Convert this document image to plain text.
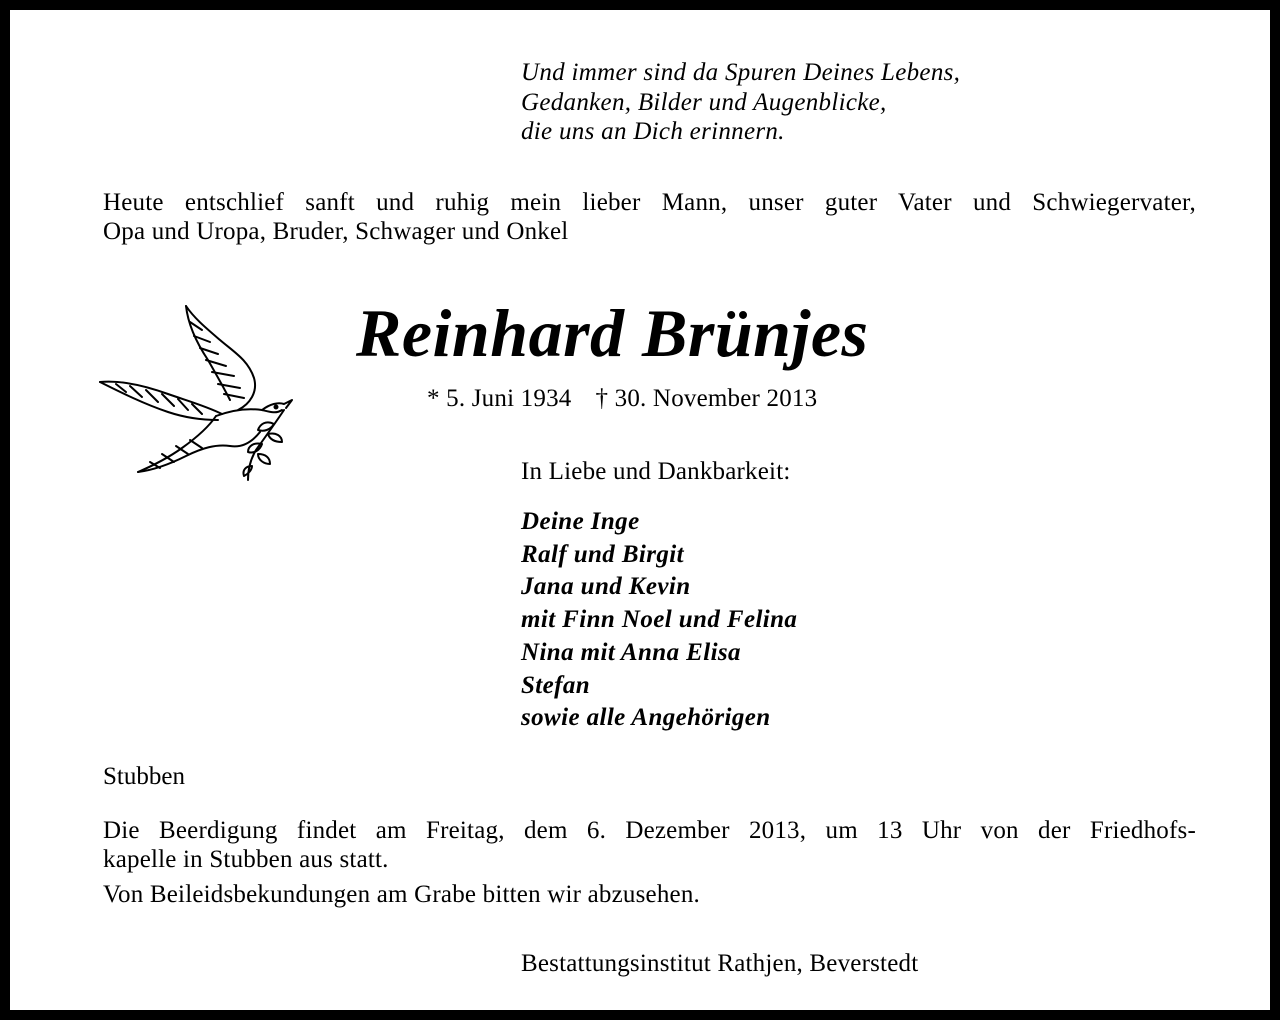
Und immer sind da Spuren Deines Lebens,
Gedanken, Bilder und Augenblicke,
die uns an Dich erinnern.
Heute entschlief sanft und ruhig mein lieber Mann, unser guter Vater und Schwiegervater,
Opa und Uropa, Bruder, Schwager und Onkel
Reinhard Brünjes
* 5. Juni 1934 † 30. November 2013
In Liebe und Dankbarkeit:
Deine Inge
Ralf und Birgit
Jana und Kevin
mit Finn Noel und Felina
Nina mit Anna Elisa
Stefan
sowie alle Angehörigen
Stubben
Die Beerdigung findet am Freitag, dem 6. Dezember 2013, um 13 Uhr von der Friedhofs-
kapelle in Stubben aus statt.
Von Beileidsbekundungen am Grabe bitten wir abzusehen.
Bestattungsinstitut Rathjen, Beverstedt
